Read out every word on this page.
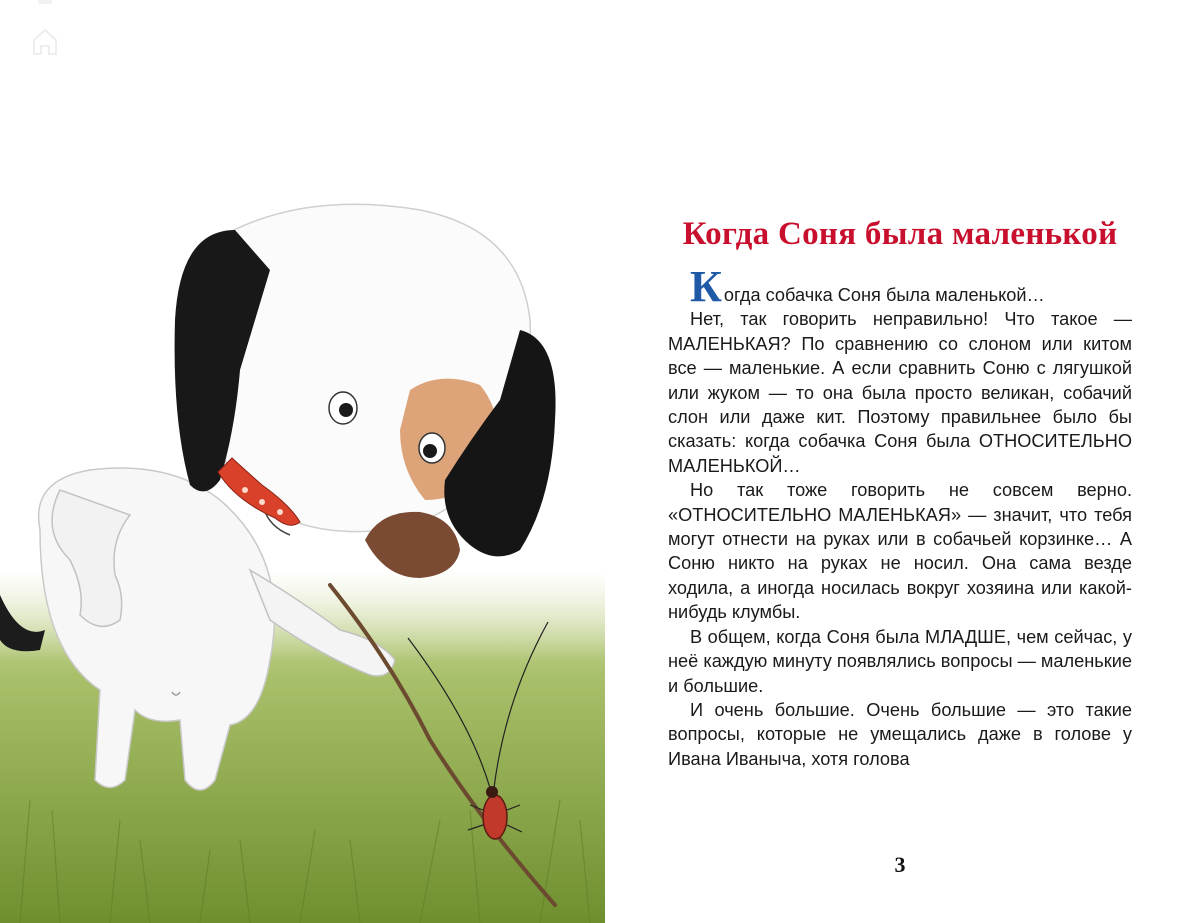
Когда Соня была маленькой

Когда собачка Соня была маленькой…

Нет, так говорить неправильно! Что такое — МАЛЕНЬКАЯ? По сравнению со слоном или китом все — маленькие. А если сравнить Соню с лягушкой или жуком — то она была просто великан, собачий слон или даже кит. Поэтому правильнее было бы сказать: когда собачка Соня была ОТНОСИТЕЛЬНО МАЛЕНЬКОЙ…

Но так тоже говорить не совсем верно. «ОТНОСИТЕЛЬНО МАЛЕНЬКАЯ» — значит, что тебя могут отнести на руках или в собачьей корзинке… А Соню никто на руках не носил. Она сама везде ходила, а иногда носилась вокруг хозяина или какой-нибудь клумбы.

В общем, когда Соня была МЛАДШЕ, чем сейчас, у неё каждую минуту появлялись вопросы — маленькие и большие.

И очень большие. Очень большие — это такие вопросы, которые не умещались даже в голове у Ивана Иваныча, хотя голова

3
